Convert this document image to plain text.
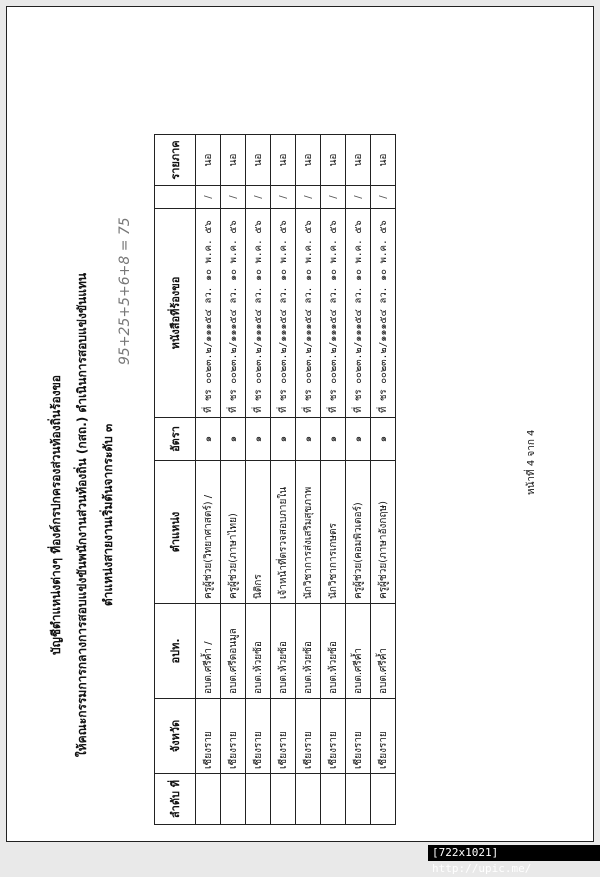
บัญชีตำแหน่งต่างๆ ที่องค์กรปกครองส่วนท้องถิ่นร้องขอ	ให้คณะกรรมการกลางการสอบแข่งขันพนักงานส่วนท้องถิ่น (กสถ.) ดำเนินการสอบแข่งขันแทน	ตำแหน่งสายงานเริ่มต้นจากระดับ ๓
95+25+5+6+8 = 75
ลำดับ ที่	จังหวัด	อปท.	ตำแหน่ง	อัตรา	หนังสือที่ร้องขอ		รายภาค
	เชียงราย	อบต.ศรีค้ำ /	ครูผู้ช่วย(วิทยาศาสตร์) /	๑	ที่ ชร ๐๐๒๓.๒/๑๑๑๕๔ ลว. ๑๐ พ.ค. ๕๖	/	นอ
	เชียงราย	อบต.ศรีดอนมูล	ครูผู้ช่วย(ภาษาไทย)	๑	ที่ ชร ๐๐๒๓.๒/๑๑๑๕๔ ลว. ๑๐ พ.ค. ๕๖	/	นอ
	เชียงราย	อบต.ห้วยซ้อ	นิติกร	๑	ที่ ชร ๐๐๒๓.๒/๑๑๑๕๔ ลว. ๑๐ พ.ค. ๕๖	/	นอ
	เชียงราย	อบต.ห้วยซ้อ	เจ้าหน้าที่ตรวจสอบภายใน	๑	ที่ ชร ๐๐๒๓.๒/๑๑๑๕๔ ลว. ๑๐ พ.ค. ๕๖	/	นอ
	เชียงราย	อบต.ห้วยซ้อ	นักวิชาการส่งเสริมสุขภาพ	๑	ที่ ชร ๐๐๒๓.๒/๑๑๑๕๔ ลว. ๑๐ พ.ค. ๕๖	/	นอ
	เชียงราย	อบต.ห้วยซ้อ	นักวิชาการเกษตร	๑	ที่ ชร ๐๐๒๓.๒/๑๑๑๕๔ ลว. ๑๐ พ.ค. ๕๖	/	นอ
	เชียงราย	อบต.ศรีค้ำ	ครูผู้ช่วย(คอมพิวเตอร์)	๑	ที่ ชร ๐๐๒๓.๒/๑๑๑๕๔ ลว. ๑๐ พ.ค. ๕๖	/	นอ
	เชียงราย	อบต.ศรีค้ำ	ครูผู้ช่วย(ภาษาอังกฤษ)	๑	ที่ ชร ๐๐๒๓.๒/๑๑๑๕๔ ลว. ๑๐ พ.ค. ๕๖	/	นอ
หน้าที่ 4 จาก 4
[722x1021] http://upic.me/
